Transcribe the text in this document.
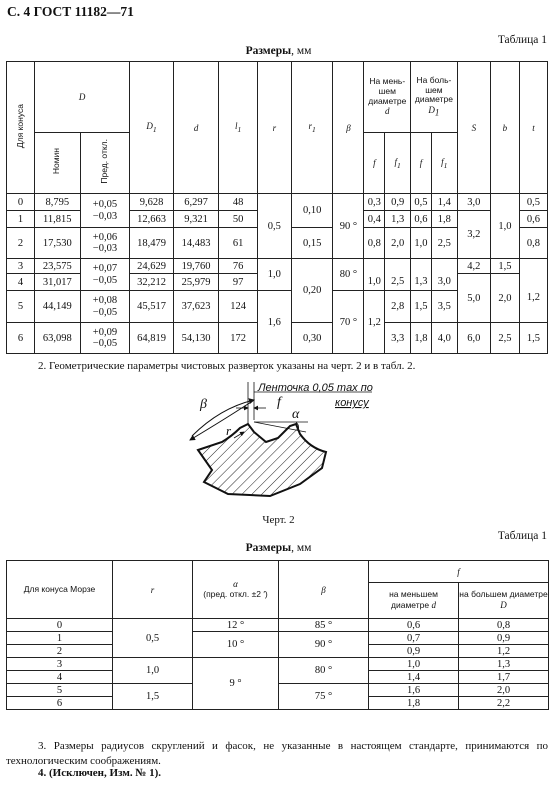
С. 4 ГОСТ 11182—71
Таблица 1
Размеры, мм
Для конуса	D		$D_1$	d	$l_1$	r	$r_1$	β	На мень-шем диаметре
d		На боль-шем диаметре
$D_1$		S	b	t
	Номин	Пред. откл.							f	$f_1$	f	$f_1$
0	8,795	+0,05
−0,03	9,628	6,297	48	0,5	0,10	90 °	0,3	0,9	0,5	1,4	3,0	1,0	0,5
1	11,815		12,663	9,321	50				0,4	1,3	0,6	1,8	3,2		0,6
2	17,530	+0,06
−0,03	18,479	14,483	61		0,15		0,8	2,0	1,0	2,5			0,8
3	23,575	+0,07
−0,05	24,629	19,760	76	1,0	0,20	80 °					4,2	1,5	
4	31,017		32,212	25,979	97				1,0	2,5	1,3	3,0	5,0	2,0	1,2
5	44,149	+0,08
−0,05	45,517	37,623	124	1,6		70 °	1,2	2,8	1,5	3,5			
6	63,098	+0,09
−0,05	64,819	54,130	172		0,30			3,3	1,8	4,0	6,0	2,5	1,5
2. Геометрические параметры чистовых разверток указаны на черт. 2 и в табл. 2.
Ленточка 0,05 max по
конусу
β	f
α
r
Черт. 2
Таблица 1
Размеры, мм
Для конуса Морзе	r	α
(пред. откл. ±2 ′)	β	f	
				на меньшем диаметре d	на большем диаметре D
0	0,5	12 °	85 °	0,6	0,8
1		10 °	90 °	0,7	0,9
2				0,9	1,2
3	1,0	9 °	80 °	1,0	1,3
4				1,4	1,7
5	1,5		75 °	1,6	2,0
6				1,8	2,2
3. Размеры радиусов скруглений и фасок, не указанные в настоящем стандарте, принимаются по технологическим соображениям.
4. (Исключен, Изм. № 1).
